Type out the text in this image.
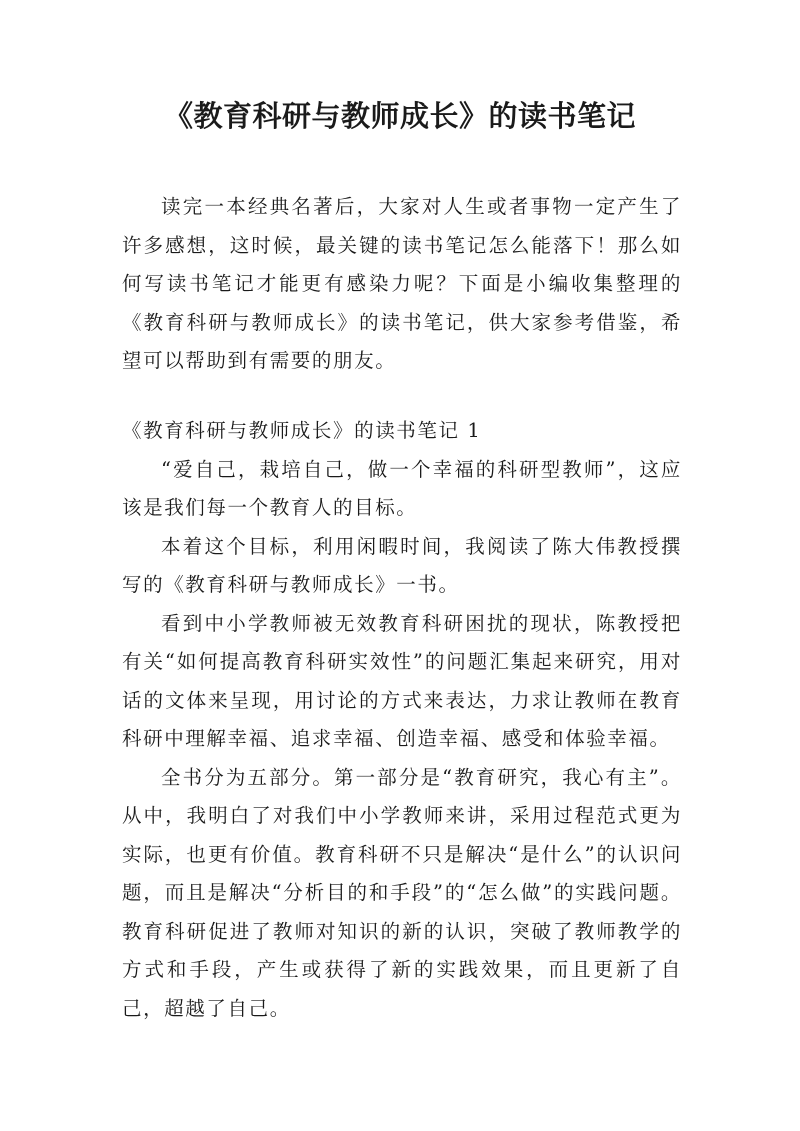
《教育科研与教师成长》的读书笔记

读完一本经典名著后，大家对人生或者事物一定产生了许多感想，这时候，最关键的读书笔记怎么能落下！那么如何写读书笔记才能更有感染力呢？下面是小编收集整理的《教育科研与教师成长》的读书笔记，供大家参考借鉴，希望可以帮助到有需要的朋友。

《教育科研与教师成长》的读书笔记 1

“爱自己，栽培自己，做一个幸福的科研型教师”，这应该是我们每一个教育人的目标。

本着这个目标，利用闲暇时间，我阅读了陈大伟教授撰写的《教育科研与教师成长》一书。

看到中小学教师被无效教育科研困扰的现状，陈教授把有关“如何提高教育科研实效性”的问题汇集起来研究，用对话的文体来呈现，用讨论的方式来表达，力求让教师在教育科研中理解幸福、追求幸福、创造幸福、感受和体验幸福。

全书分为五部分。第一部分是“教育研究，我心有主”。从中，我明白了对我们中小学教师来讲，采用过程范式更为实际，也更有价值。教育科研不只是解决“是什么”的认识问题，而且是解决“分析目的和手段”的“怎么做”的实践问题。教育科研促进了教师对知识的新的认识，突破了教师教学的方式和手段，产生或获得了新的实践效果，而且更新了自己，超越了自己。
